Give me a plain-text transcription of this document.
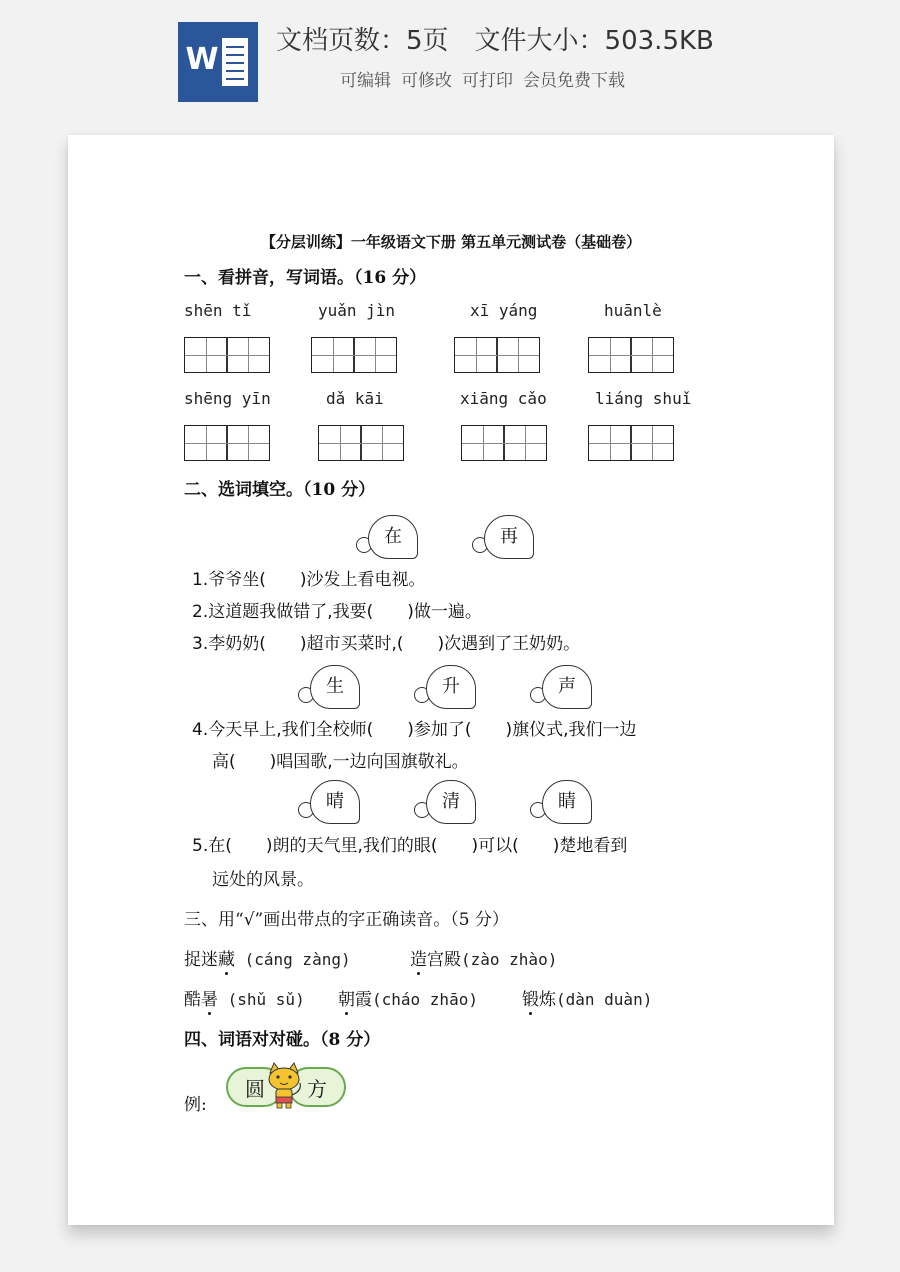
W
文档页数：5页 文件大小：503.5KB
可编辑 可修改 可打印 会员免费下载
【分层训练】一年级语文下册 第五单元测试卷（基础卷）
一、看拼音，写词语。（16 分）
shēn tǐ	yuǎn jìn	xī yáng	huānlè
shēng yīn	dǎ kāi	xiāng cǎo	liáng shuǐ
二、选词填空。（10 分）
在	再
1.爷爷坐(　　)沙发上看电视。
2.这道题我做错了,我要(　　)做一遍。
3.李奶奶(　　)超市买菜时,(　　)次遇到了王奶奶。
生	升	声
4.今天早上,我们全校师(　　)参加了(　　)旗仪式,我们一边
高(　　)唱国歌,一边向国旗敬礼。
晴	清	睛
5.在(　　)朗的天气里,我们的眼(　　)可以(　　)楚地看到
远处的风景。
三、用“√”画出带点的字正确读音。（5 分）
捉迷藏 (cáng zàng)	造宫殿(zào zhào)
酷暑 (shǔ sǔ) 朝霞(cháo zhāo)	锻炼(dàn duàn)
四、词语对对碰。（8 分）
例:
圆	方
